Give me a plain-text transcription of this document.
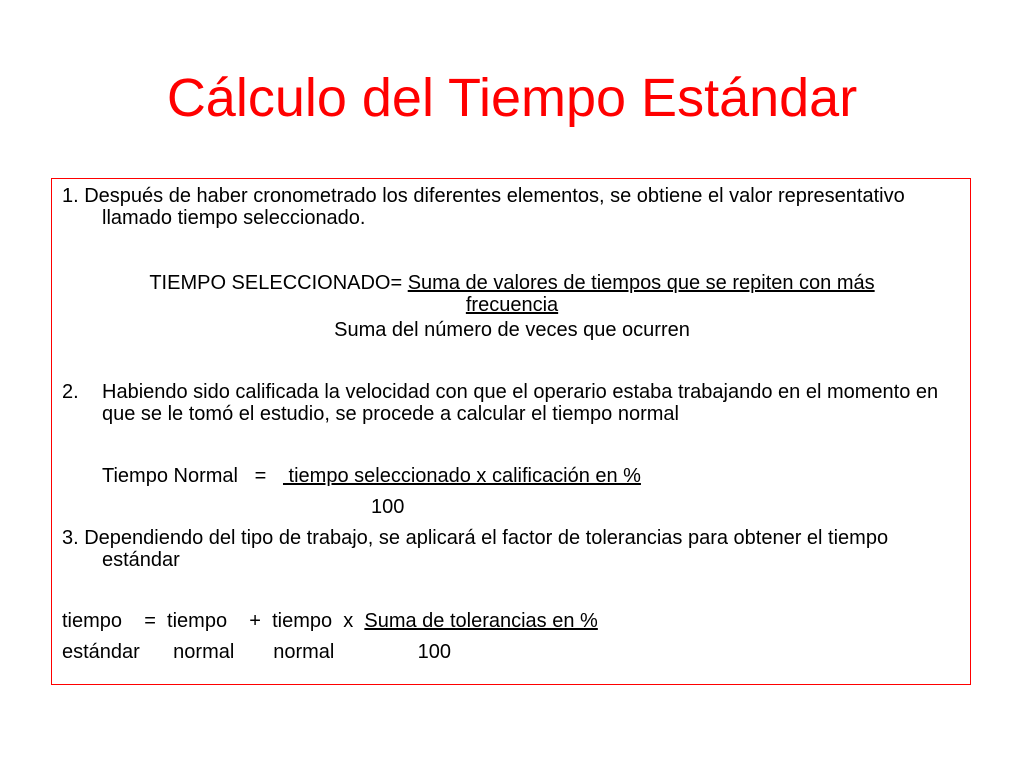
Cálculo del Tiempo Estándar

1. Después de haber cronometrado los diferentes elementos, se obtiene el valor representativo llamado tiempo seleccionado.

TIEMPO SELECCIONADO= Suma de valores de tiempos que se repiten con más frecuencia
Suma del número de veces que ocurren

2. Habiendo sido calificada la velocidad con que el operario estaba trabajando en el momento en que se le tomó el estudio, se procede a calcular el tiempo normal

Tiempo Normal   =    tiempo seleccionado x calificación en %
100

3. Dependiendo del tipo de trabajo, se aplicará el factor de tolerancias para obtener el tiempo estándar

tiempo    =  tiempo    +  tiempo  x  Suma de tolerancias en %
estándar      normal       normal               100
